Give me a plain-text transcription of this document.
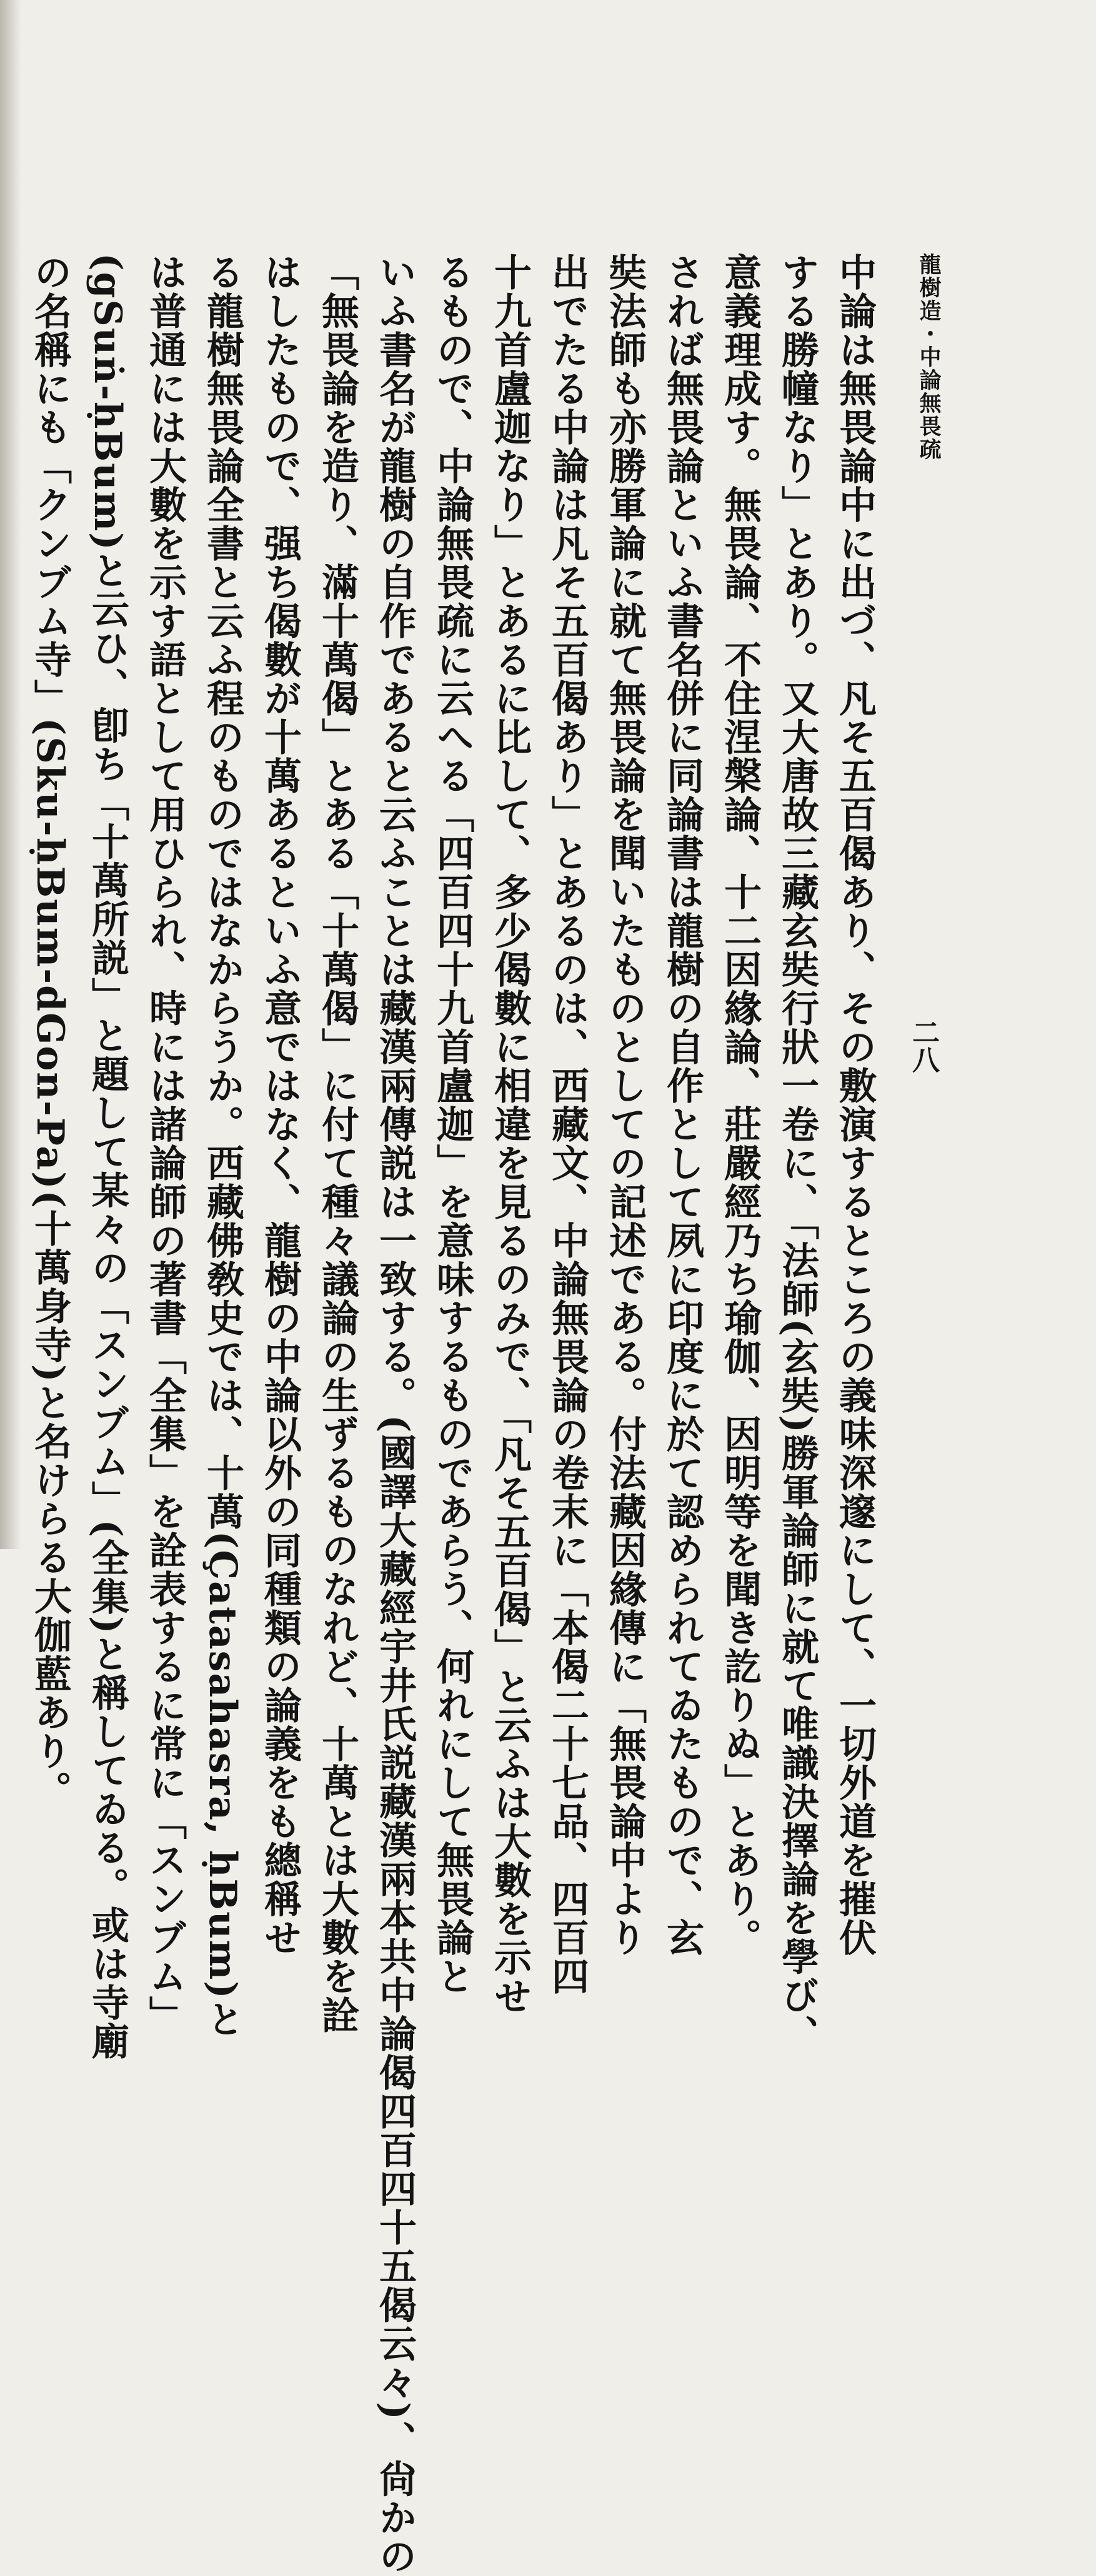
龍樹造・中論無畏疏
二八
中論は無畏論中に出づ、凡そ五百偈あり、その敷演するところの義味深邃にして、一切外道を摧伏
する勝幢なり」とあり。又大唐故三藏玄奘行狀一卷に、「法師(玄奘)勝軍論師に就て唯識決擇論を學び、
意義理成す。無畏論、不住涅槃論、十二因緣論、莊嚴經乃ち瑜伽、因明等を聞き訖りぬ」とあり。
されば無畏論といふ書名併に同論書は龍樹の自作として夙に印度に於て認められてゐたもので、玄
奘法師も亦勝軍論に就て無畏論を聞いたものとしての記述である。付法藏因緣傳に「無畏論中より
出でたる中論は凡そ五百偈あり」とあるのは、西藏文、中論無畏論の卷末に「本偈二十七品、四百四
十九首盧迦なり」とあるに比して、多少偈數に相違を見るのみで、「凡そ五百偈」と云ふは大數を示せ
るもので、中論無畏疏に云へる「四百四十九首盧迦」を意味するものであらう、何れにして無畏論と
いふ書名が龍樹の自作であると云ふことは藏漢兩傳説は一致する。(國譯大藏經宇井氏説藏漢兩本共中論偈四百四十五偈云々)、尙かの
「無畏論を造り、滿十萬偈」とある「十萬偈」に付て種々議論の生ずるものなれど、十萬とは大數を詮
はしたもので、强ち偈數が十萬あるといふ意ではなく、龍樹の中論以外の同種類の論義をも總稱せ
る龍樹無畏論全書と云ふ程のものではなからうか。西藏佛敎史では、十萬(Çatasahasra, ḥBum)と
は普通には大數を示す語として用ひられ、時には諸論師の著書「全集」を詮表するに常に「スンブム」
(gSuṅ-ḥBum)と云ひ、卽ち「十萬所説」と題して某々の「スンブム」(全集)と稱してゐる。或は寺廟
の名稱にも「クンブム寺」(Sku-ḥBum-dGon-Pa)(十萬身寺)と名けらる大伽藍あり。
